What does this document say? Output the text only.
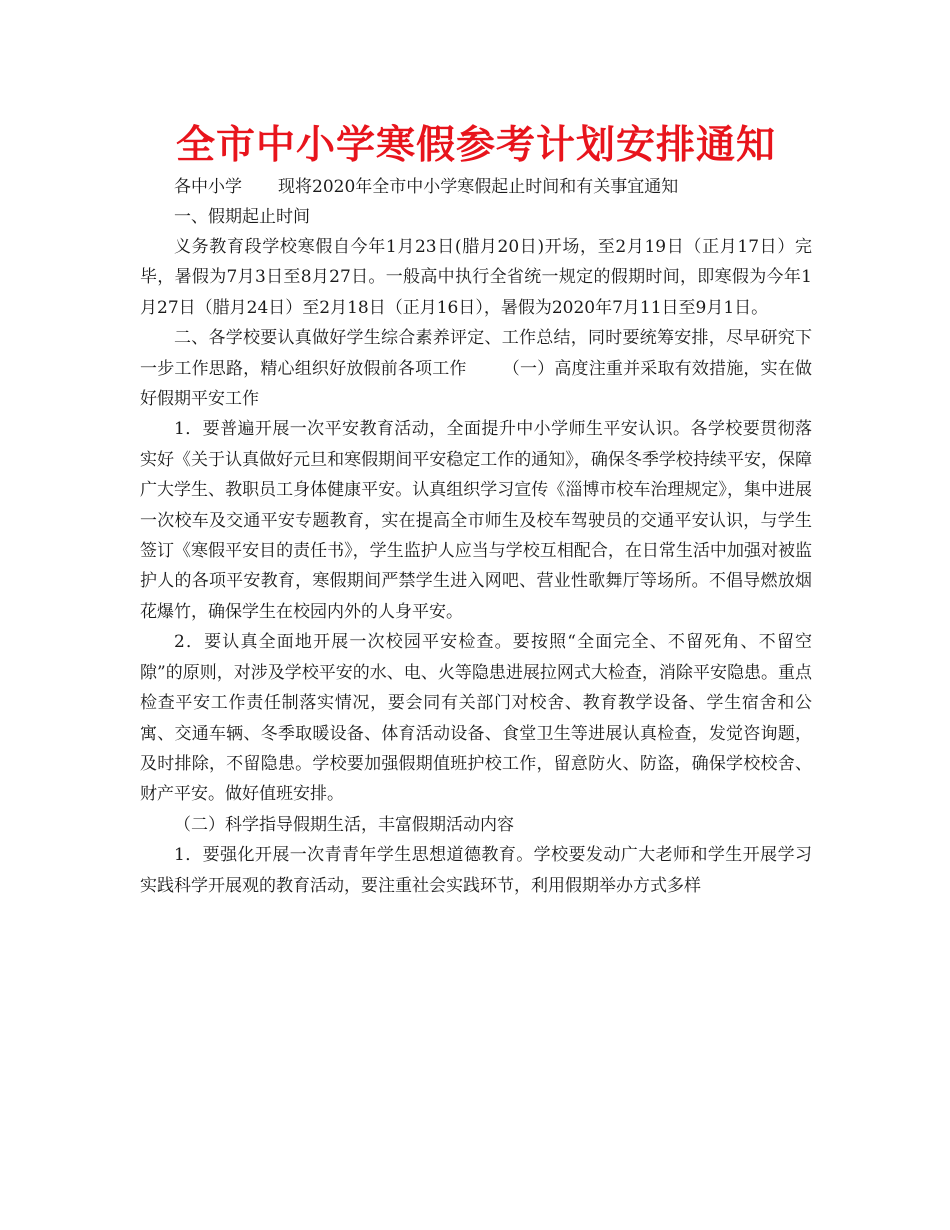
全市中小学寒假参考计划安排通知

各中小学 现将2020年全市中小学寒假起止时间和有关事宜通知

一、假期起止时间

义务教育段学校寒假自今年1月23日(腊月20日)开场，至2月19日（正月17日）完毕，暑假为7月3日至8月27日。一般高中执行全省统一规定的假期时间，即寒假为今年1月27日（腊月24日）至2月18日（正月16日），暑假为2020年7月11日至9月1日。

二、各学校要认真做好学生综合素养评定、工作总结，同时要统筹安排，尽早研究下一步工作思路，精心组织好放假前各项工作 （一）高度注重并采取有效措施，实在做好假期平安工作

1．要普遍开展一次平安教育活动，全面提升中小学师生平安认识。各学校要贯彻落实好《关于认真做好元旦和寒假期间平安稳定工作的通知》，确保冬季学校持续平安，保障广大学生、教职员工身体健康平安。认真组织学习宣传《淄博市校车治理规定》，集中进展一次校车及交通平安专题教育，实在提高全市师生及校车驾驶员的交通平安认识，与学生签订《寒假平安目的责任书》，学生监护人应当与学校互相配合，在日常生活中加强对被监护人的各项平安教育，寒假期间严禁学生进入网吧、营业性歌舞厅等场所。不倡导燃放烟花爆竹，确保学生在校园内外的人身平安。

2．要认真全面地开展一次校园平安检查。要按照“全面完全、不留死角、不留空隙”的原则，对涉及学校平安的水、电、火等隐患进展拉网式大检查，消除平安隐患。重点检查平安工作责任制落实情况，要会同有关部门对校舍、教育教学设备、学生宿舍和公寓、交通车辆、冬季取暖设备、体育活动设备、食堂卫生等进展认真检查，发觉咨询题，及时排除，不留隐患。学校要加强假期值班护校工作，留意防火、防盗，确保学校校舍、财产平安。做好值班安排。

（二）科学指导假期生活，丰富假期活动内容

1．要强化开展一次青青年学生思想道德教育。学校要发动广大老师和学生开展学习实践科学开展观的教育活动，要注重社会实践环节，利用假期举办方式多样
